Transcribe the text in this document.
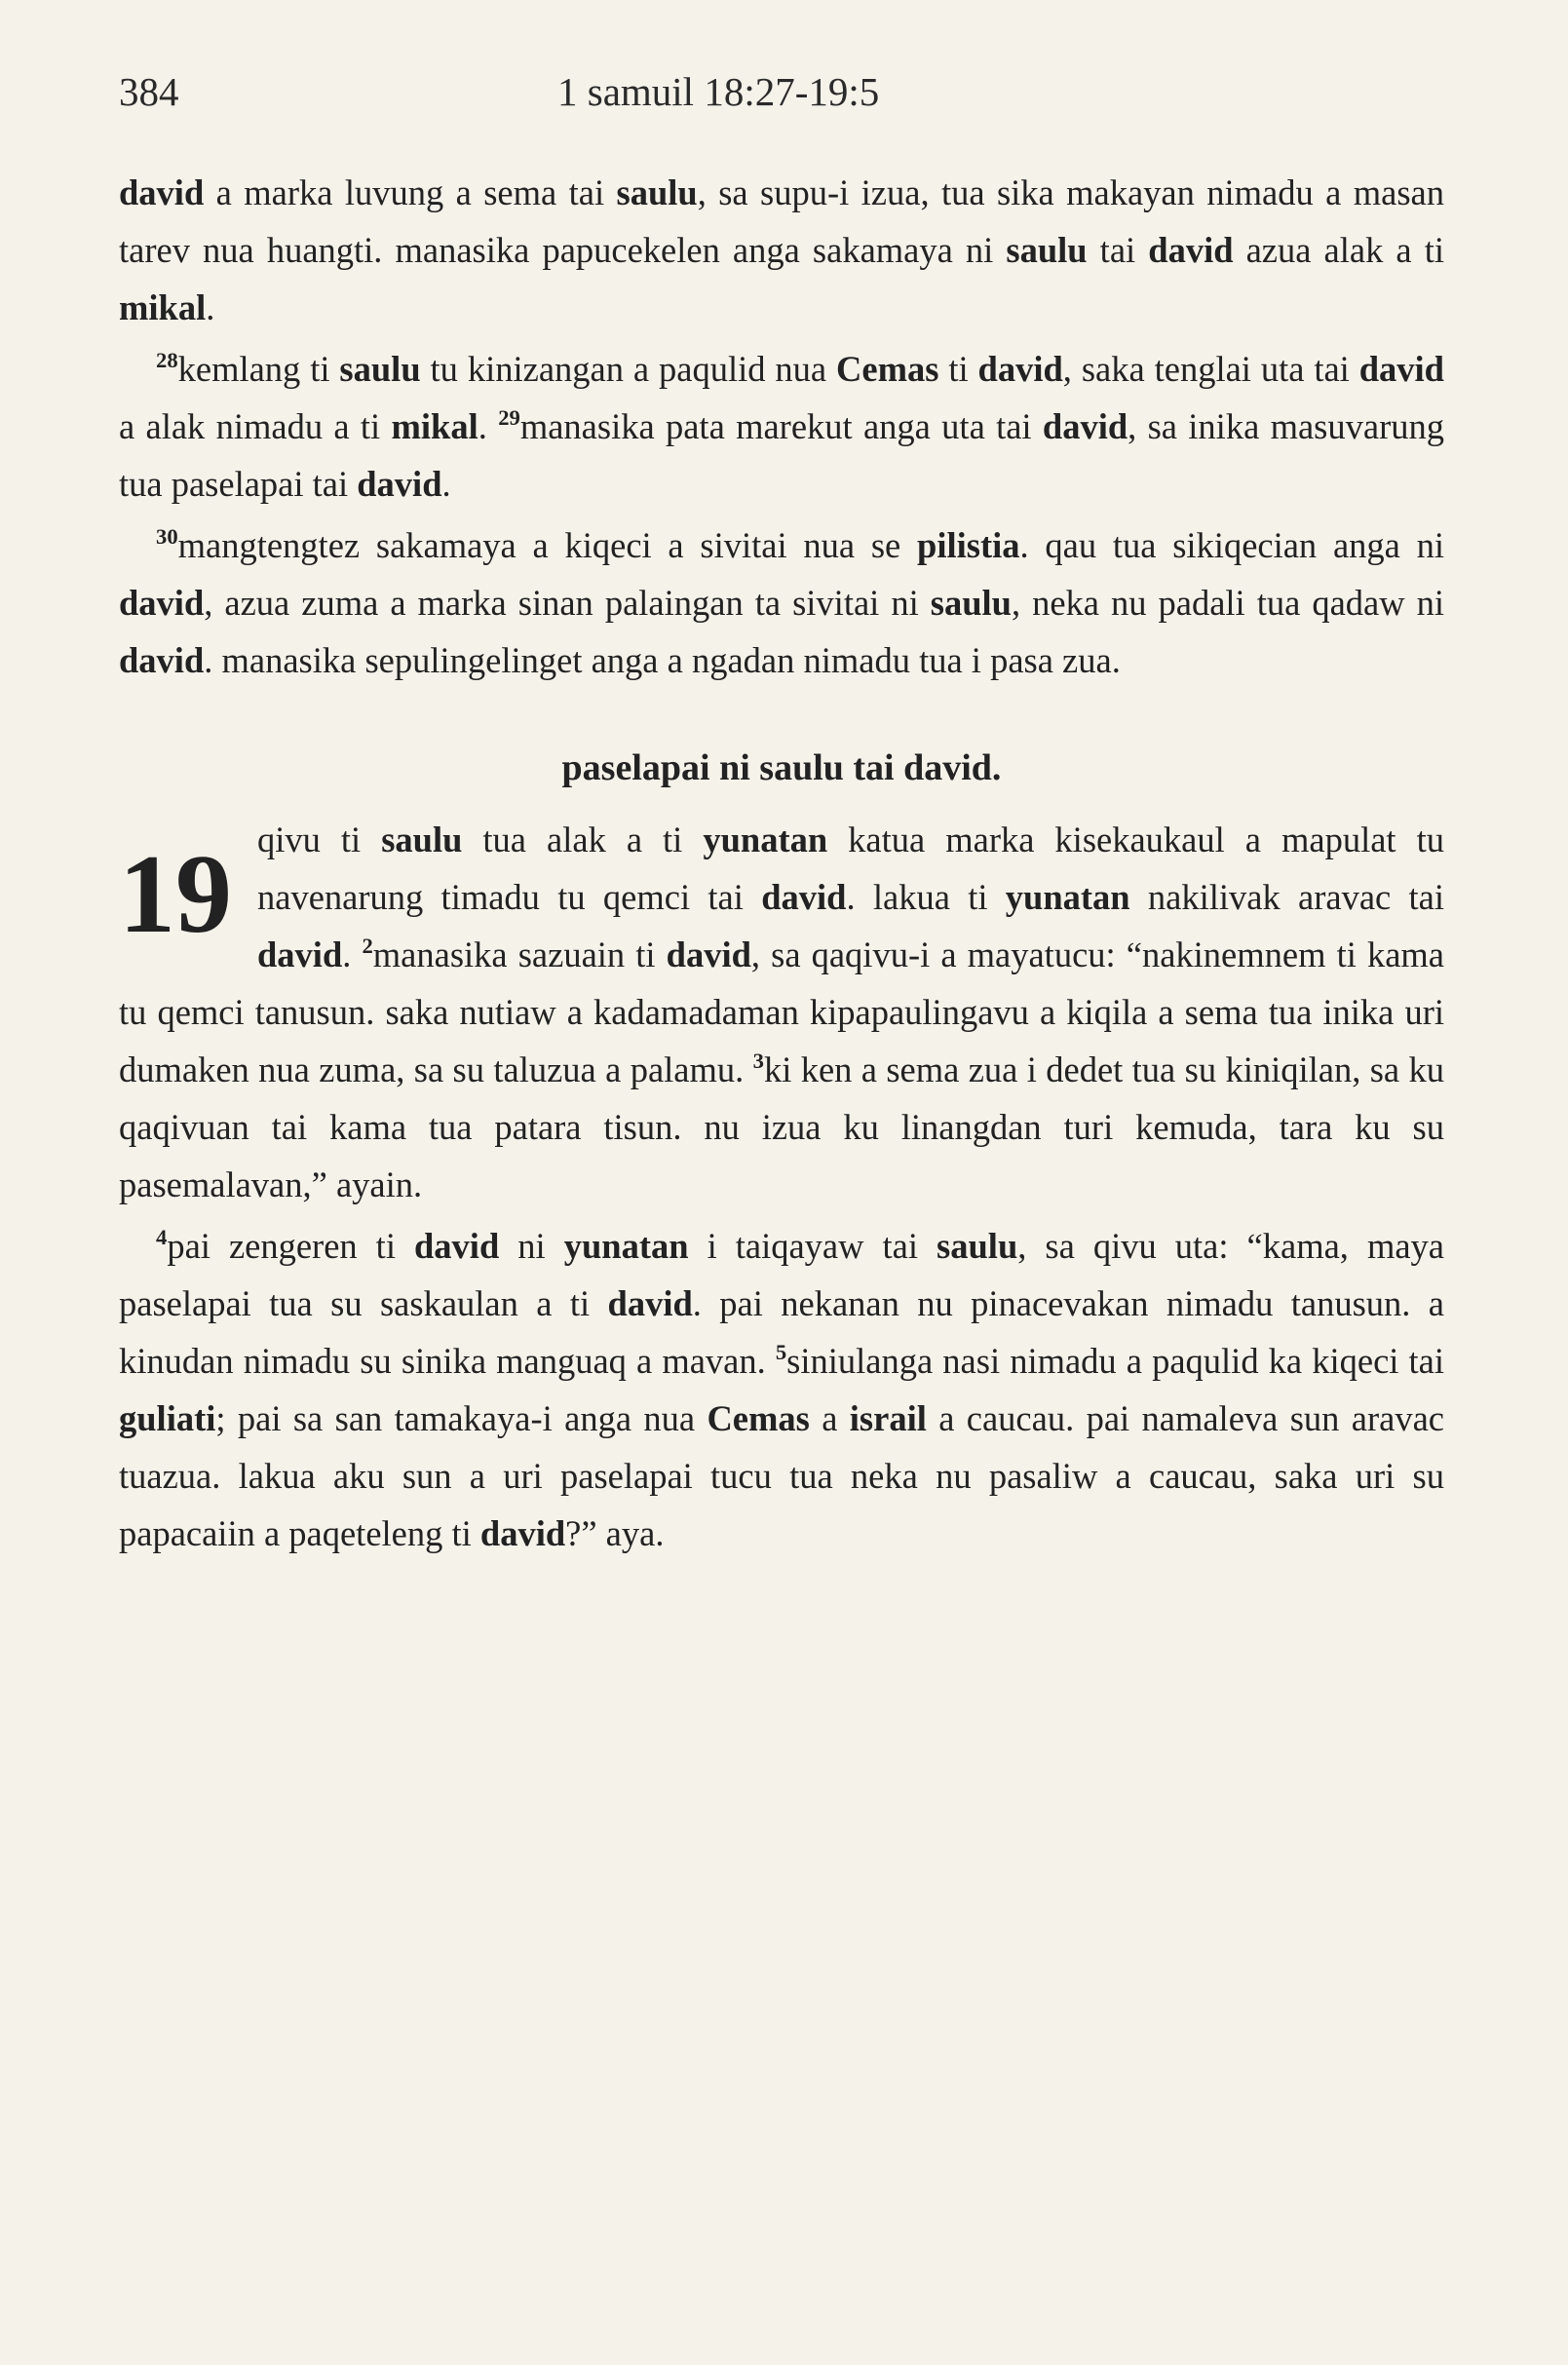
384	1 samuil 18:27-19:5

david a marka luvung a sema tai saulu, sa supu-i izua, tua sika makayan nimadu a masan tarev nua huangti. manasika papucekelen anga sakamaya ni saulu tai david azua alak a ti mikal.

$^{28}$kemlang ti saulu tu kinizangan a paqulid nua Cemas ti david, saka tenglai uta tai david a alak nimadu a ti mikal. $^{29}$manasika pata marekut anga uta tai david, sa inika masuvarung tua paselapai tai david.

$^{30}$mangtengtez sakamaya a kiqeci a sivitai nua se pilistia. qau tua sikiqecian anga ni david, azua zuma a marka sinan palaingan ta sivitai ni saulu, neka nu padali tua qadaw ni david. manasika sepulingelinget anga a ngadan nimadu tua i pasa zua.

paselapai ni saulu tai david.
19 qivu ti saulu tua alak a ti yunatan katua marka kisekaukaul a mapulat tu navenarung timadu tu qemci tai david. lakua ti yunatan nakilivak aravac tai david. $^2$manasika sazuain ti david, sa qaqivu-i a mayatucu: “nakinemnem ti kama tu qemci tanusun. saka nutiaw a kadamadaman kipapaulingavu a kiqila a sema tua inika uri dumaken nua zuma, sa su taluzua a palamu. $^3$ki ken a sema zua i dedet tua su kiniqilan, sa ku qaqivuan tai kama tua patara tisun. nu izua ku linangdan turi kemuda, tara ku su pasemalavan,” ayain.

$^4$pai zengeren ti david ni yunatan i taiqayaw tai saulu, sa qivu uta: “kama, maya paselapai tua su saskaulan a ti david. pai nekanan nu pinacevakan nimadu tanusun. a kinudan nimadu su sinika manguaq a mavan. $^5$siniulanga nasi nimadu a paqulid ka kiqeci tai guliati; pai sa san tamakaya-i anga nua Cemas a israil a caucau. pai namaleva sun aravac tuazua. lakua aku sun a uri paselapai tucu tua neka nu pasaliw a caucau, saka uri su papacaiin a paqeteleng ti david?” aya.
